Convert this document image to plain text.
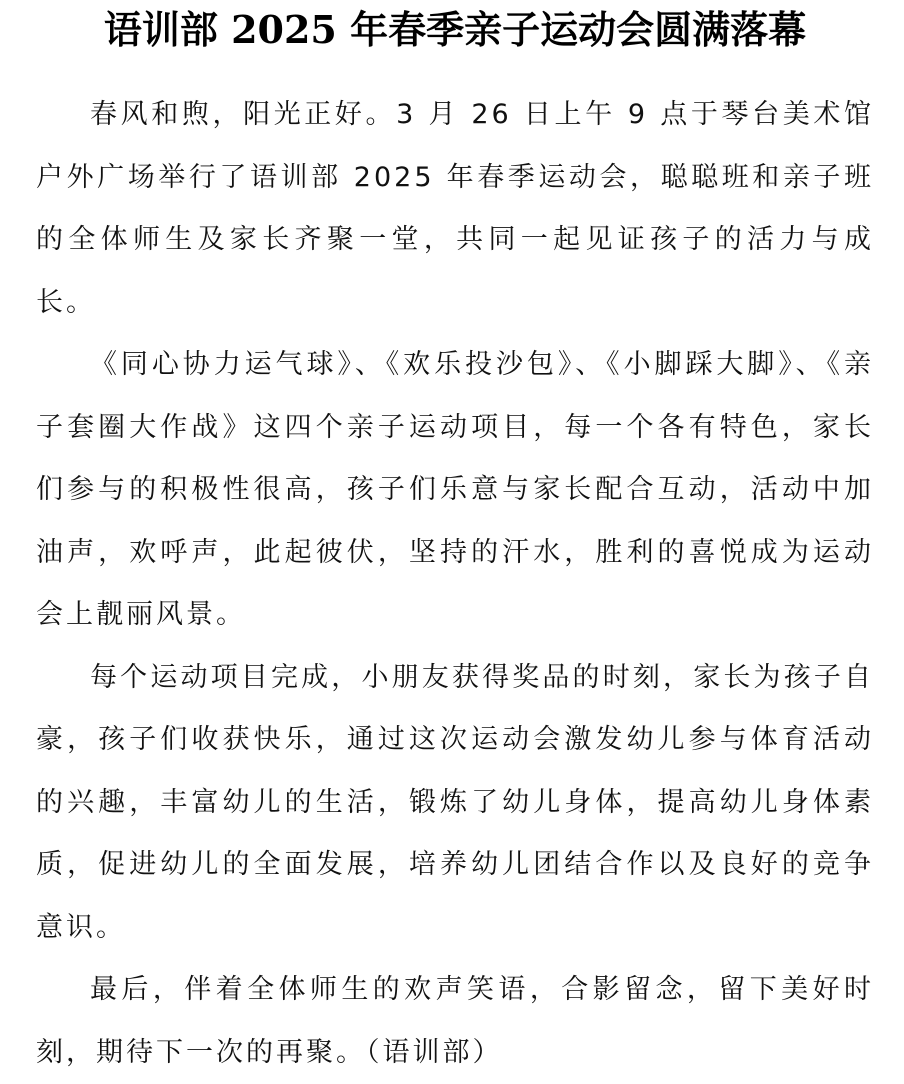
语训部 2025 年春季亲子运动会圆满落幕

春风和煦，阳光正好。3 月 26 日上午 9 点于琴台美术馆户外广场举行了语训部 2025 年春季运动会，聪聪班和亲子班的全体师生及家长齐聚一堂，共同一起见证孩子的活力与成长。

《同心协力运气球》、《欢乐投沙包》、《小脚踩大脚》、《亲子套圈大作战》这四个亲子运动项目，每一个各有特色，家长们参与的积极性很高，孩子们乐意与家长配合互动，活动中加油声，欢呼声，此起彼伏，坚持的汗水，胜利的喜悦成为运动会上靓丽风景。

每个运动项目完成，小朋友获得奖品的时刻，家长为孩子自豪，孩子们收获快乐，通过这次运动会激发幼儿参与体育活动的兴趣，丰富幼儿的生活，锻炼了幼儿身体，提高幼儿身体素质，促进幼儿的全面发展，培养幼儿团结合作以及良好的竞争意识。

最后，伴着全体师生的欢声笑语，合影留念，留下美好时刻，期待下一次的再聚。（语训部）
